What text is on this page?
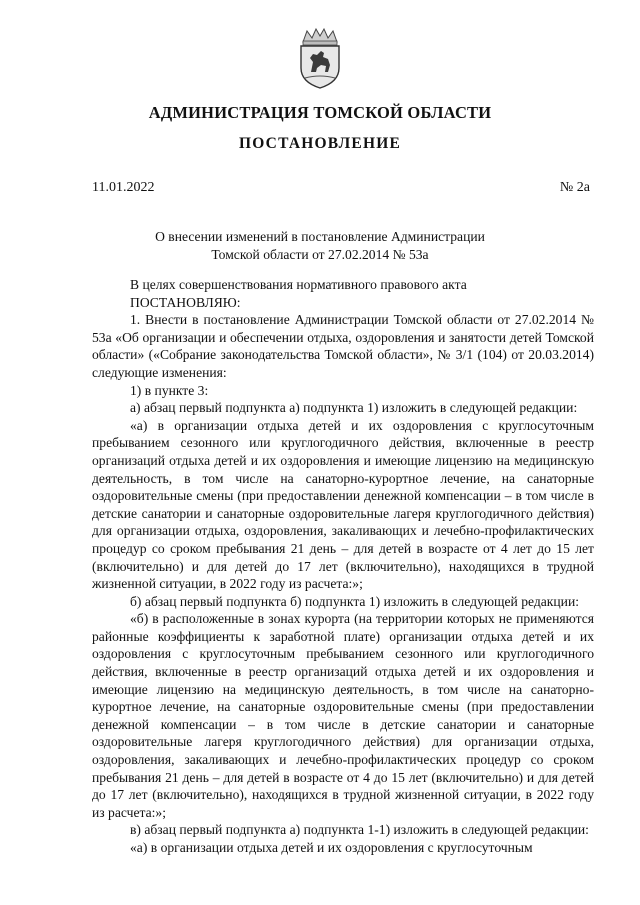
АДМИНИСТРАЦИЯ ТОМСКОЙ ОБЛАСТИ
ПОСТАНОВЛЕНИЕ
11.01.2022	№ 2а
О внесении изменений в постановление Администрации
Томской области от 27.02.2014 № 53а

В целях совершенствования нормативного правового акта

ПОСТАНОВЛЯЮ:

1. Внести в постановление Администрации Томской области от 27.02.2014 № 53а «Об организации и обеспечении отдыха, оздоровления и занятости детей Томской области» («Собрание законодательства Томской области», № 3/1 (104) от 20.03.2014) следующие изменения:

1) в пункте 3:

а) абзац первый подпункта а) подпункта 1) изложить в следующей редакции:

«а) в организации отдыха детей и их оздоровления с круглосуточным пребыванием сезонного или круглогодичного действия, включенные в реестр организаций отдыха детей и их оздоровления и имеющие лицензию на медицинскую деятельность, в том числе на санаторно-курортное лечение, на санаторные оздоровительные смены (при предоставлении денежной компенсации – в том числе в детские санатории и санаторные оздоровительные лагеря круглогодичного действия) для организации отдыха, оздоровления, закаливающих и лечебно-профилактических процедур со сроком пребывания 21 день – для детей в возрасте от 4 лет до 15 лет (включительно) и для детей до 17 лет (включительно), находящихся в трудной жизненной ситуации, в 2022 году из расчета:»;

б) абзац первый подпункта б) подпункта 1) изложить в следующей редакции:

«б) в расположенные в зонах курорта (на территории которых не применяются районные коэффициенты к заработной плате) организации отдыха детей и их оздоровления с круглосуточным пребыванием сезонного или круглогодичного действия, включенные в реестр организаций отдыха детей и их оздоровления и имеющие лицензию на медицинскую деятельность, в том числе на санаторно-курортное лечение, на санаторные оздоровительные смены (при предоставлении денежной компенсации – в том числе в детские санатории и санаторные оздоровительные лагеря круглогодичного действия) для организации отдыха, оздоровления, закаливающих и лечебно-профилактических процедур со сроком пребывания 21 день – для детей в возрасте от 4 до 15 лет (включительно) и для детей до 17 лет (включительно), находящихся в трудной жизненной ситуации, в 2022 году из расчета:»;

в) абзац первый подпункта а) подпункта 1-1) изложить в следующей редакции:

«а) в организации отдыха детей и их оздоровления с круглосуточным
